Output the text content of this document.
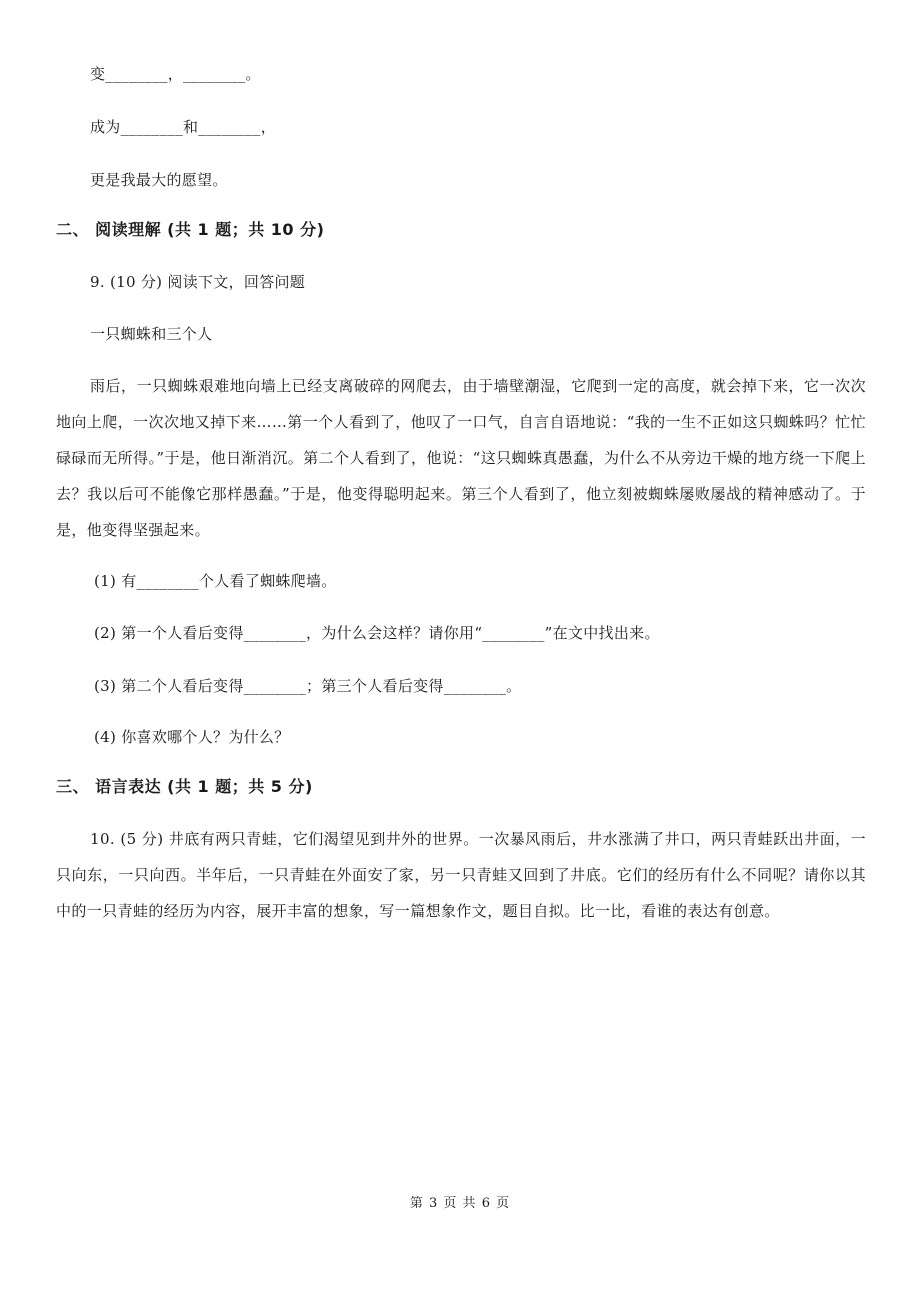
变________，________。
成为________和________，
更是我最大的愿望。
二、 阅读理解 (共 1 题；共 10 分)
9. (10 分) 阅读下文，回答问题
一只蜘蛛和三个人

雨后，一只蜘蛛艰难地向墙上已经支离破碎的网爬去，由于墙壁潮湿，它爬到一定的高度，就会掉下来，它一次次地向上爬，一次次地又掉下来……第一个人看到了，他叹了一口气，自言自语地说：“我的一生不正如这只蜘蛛吗？忙忙碌碌而无所得。”于是，他日渐消沉。第二个人看到了，他说：“这只蜘蛛真愚蠢，为什么不从旁边干燥的地方绕一下爬上去？我以后可不能像它那样愚蠢。”于是，他变得聪明起来。第三个人看到了，他立刻被蜘蛛屡败屡战的精神感动了。于是，他变得坚强起来。

(1) 有________个人看了蜘蛛爬墙。
(2) 第一个人看后变得________，为什么会这样？请你用“________”在文中找出来。
(3) 第二个人看后变得________；第三个人看后变得________。
(4) 你喜欢哪个人？为什么？
三、 语言表达 (共 1 题；共 5 分)

10. (5 分) 井底有两只青蛙，它们渴望见到井外的世界。一次暴风雨后，井水涨满了井口，两只青蛙跃出井面，一只向东，一只向西。半年后，一只青蛙在外面安了家，另一只青蛙又回到了井底。它们的经历有什么不同呢？请你以其中的一只青蛙的经历为内容，展开丰富的想象，写一篇想象作文，题目自拟。比一比，看谁的表达有创意。

第 3 页 共 6 页
